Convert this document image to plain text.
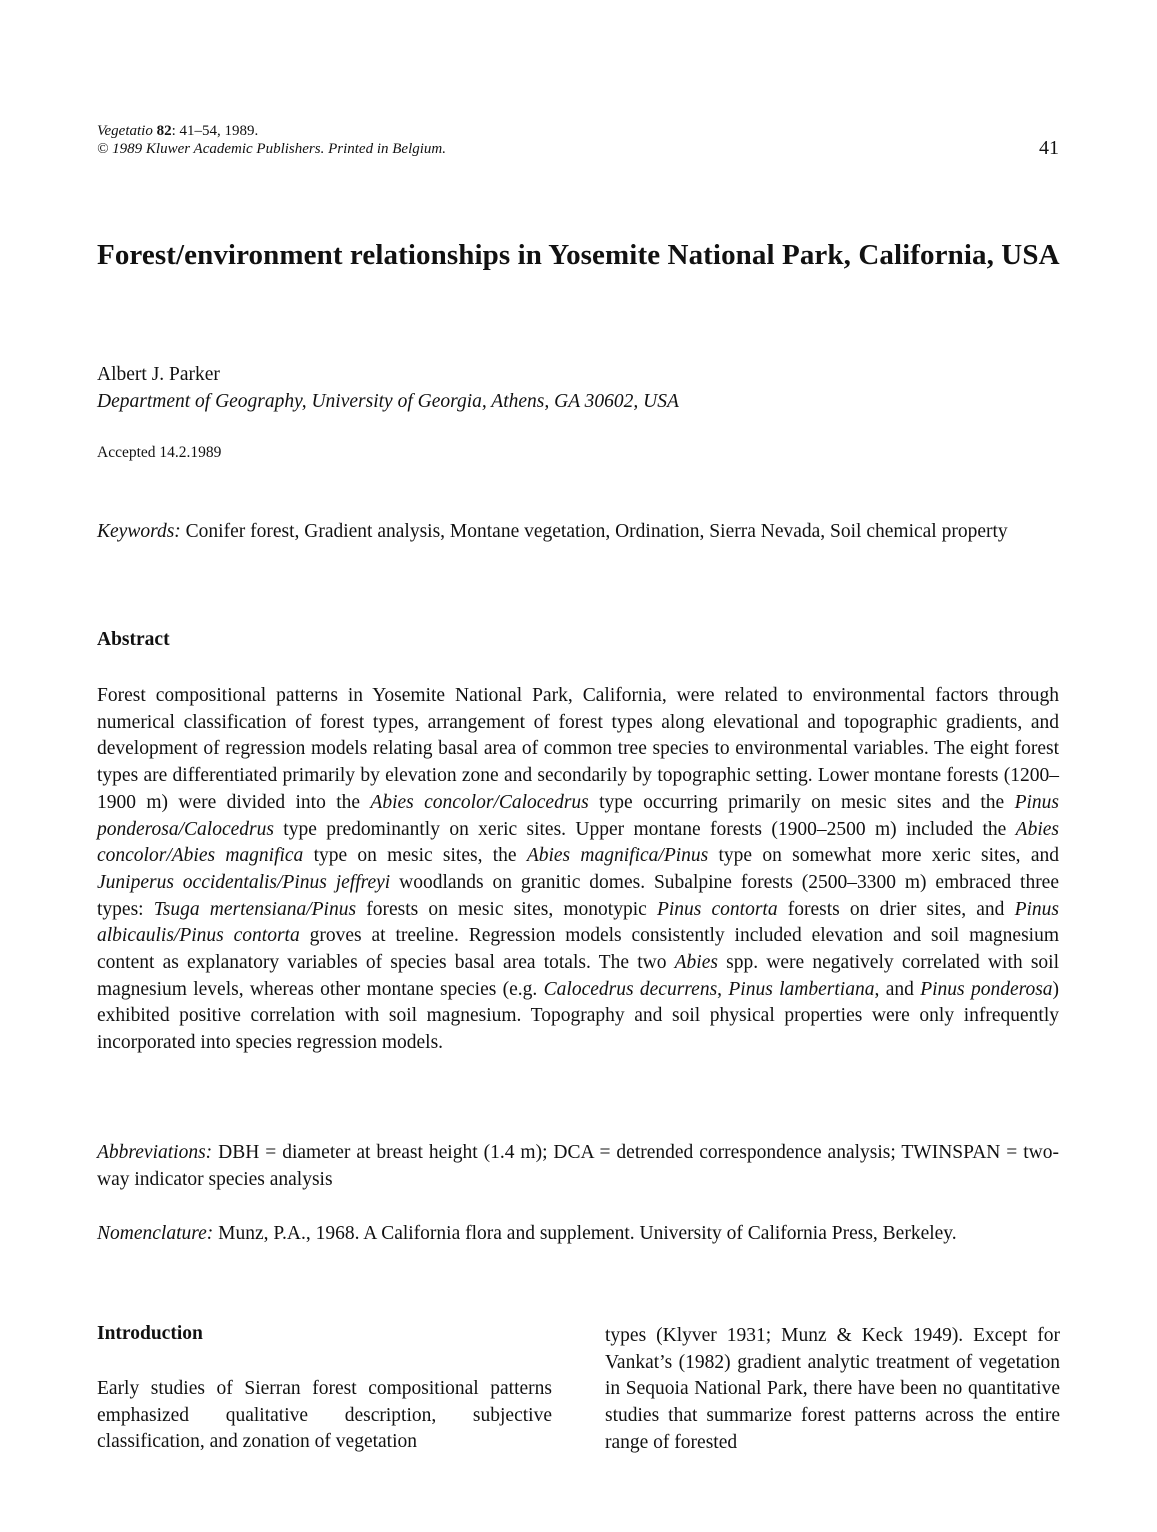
Vegetatio 82: 41–54, 1989.
© 1989 Kluwer Academic Publishers. Printed in Belgium.	41
Forest/environment relationships in Yosemite National Park, California, USA
Albert J. Parker
Department of Geography, University of Georgia, Athens, GA 30602, USA
Accepted 14.2.1989
Keywords: Conifer forest, Gradient analysis, Montane vegetation, Ordination, Sierra Nevada, Soil chemical property
Abstract
Forest compositional patterns in Yosemite National Park, California, were related to environmental factors through numerical classification of forest types, arrangement of forest types along elevational and topographic gradients, and development of regression models relating basal area of common tree species to environmental variables. The eight forest types are differentiated primarily by elevation zone and secondarily by topographic setting. Lower montane forests (1200–1900 m) were divided into the Abies concolor/Calocedrus type occurring primarily on mesic sites and the Pinus ponderosa/Calocedrus type predominantly on xeric sites. Upper montane forests (1900–2500 m) included the Abies concolor/Abies magnifica type on mesic sites, the Abies magnifica/Pinus type on somewhat more xeric sites, and Juniperus occidentalis/Pinus jeffreyi woodlands on granitic domes. Subalpine forests (2500–3300 m) embraced three types: Tsuga mertensiana/Pinus forests on mesic sites, monotypic Pinus contorta forests on drier sites, and Pinus albicaulis/Pinus contorta groves at treeline. Regression models consistently included elevation and soil magnesium content as explanatory variables of species basal area totals. The two Abies spp. were negatively correlated with soil magnesium levels, whereas other montane species (e.g. Calocedrus decurrens, Pinus lambertiana, and Pinus ponderosa) exhibited positive correlation with soil magnesium. Topography and soil physical properties were only infrequently incorporated into species regression models.
Abbreviations: DBH = diameter at breast height (1.4 m); DCA = detrended correspondence analysis; TWINSPAN = two-way indicator species analysis
Nomenclature: Munz, P.A., 1968. A California flora and supplement. University of California Press, Berkeley.
Introduction
Early studies of Sierran forest compositional patterns emphasized qualitative description, subjective classification, and zonation of vegetation
types (Klyver 1931; Munz & Keck 1949). Except for Vankat’s (1982) gradient analytic treatment of vegetation in Sequoia National Park, there have been no quantitative studies that summarize forest patterns across the entire range of forested
